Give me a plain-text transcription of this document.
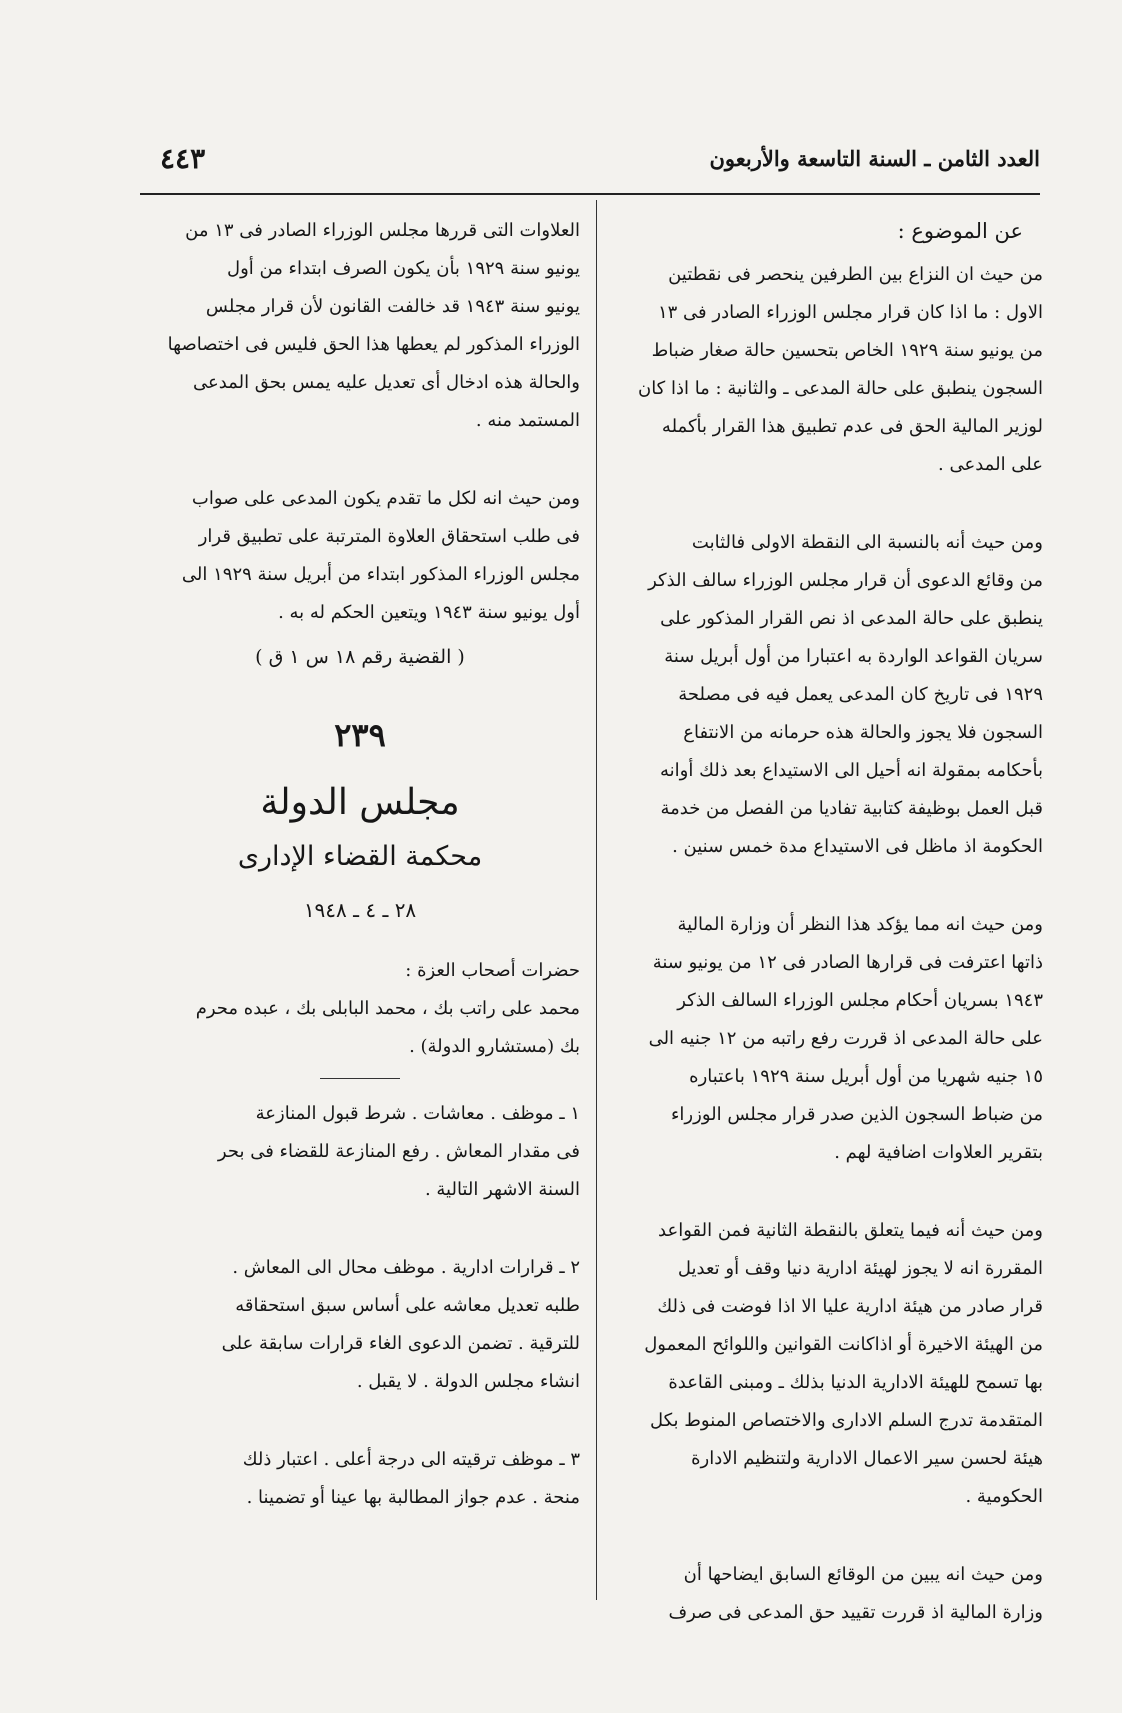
العدد الثامن ـ السنة التاسعة والأربعون
٤٤٣
عن الموضوع :

من حيث ان النزاع بين الطرفين ينحصر فى نقطتين

الاول : ما اذا كان قرار مجلس الوزراء الصادر فى ١٣

من يونيو سنة ١٩٢٩ الخاص بتحسين حالة صغار ضباط

السجون ينطبق على حالة المدعى ـ والثانية : ما اذا كان

لوزير المالية الحق فى عدم تطبيق هذا القرار بأكمله

على المدعى .

ومن حيث أنه بالنسبة الى النقطة الاولى فالثابت

من وقائع الدعوى أن قرار مجلس الوزراء سالف الذكر

ينطبق على حالة المدعى اذ نص القرار المذكور على

سريان القواعد الواردة به اعتبارا من أول أبريل سنة

١٩٢٩ فى تاريخ كان المدعى يعمل فيه فى مصلحة

السجون فلا يجوز والحالة هذه حرمانه من الانتفاع

بأحكامه بمقولة انه أحيل الى الاستيداع بعد ذلك أوانه

قبل العمل بوظيفة كتابية تفاديا من الفصل من خدمة

الحكومة اذ ماظل فى الاستيداع مدة خمس سنين .

ومن حيث انه مما يؤكد هذا النظر أن وزارة المالية

ذاتها اعترفت فى قرارها الصادر فى ١٢ من يونيو سنة

١٩٤٣ بسريان أحكام مجلس الوزراء السالف الذكر

على حالة المدعى اذ قررت رفع راتبه من ١٢ جنيه الى

١٥ جنيه شهريا من أول أبريل سنة ١٩٢٩ باعتباره

من ضباط السجون الذين صدر قرار مجلس الوزراء

بتقرير العلاوات اضافية لهم .

ومن حيث أنه فيما يتعلق بالنقطة الثانية فمن القواعد

المقررة انه لا يجوز لهيئة ادارية دنيا وقف أو تعديل

قرار صادر من هيئة ادارية عليا الا اذا فوضت فى ذلك

من الهيئة الاخيرة أو اذاكانت القوانين واللوائح المعمول

بها تسمح للهيئة الادارية الدنيا بذلك ـ ومبنى القاعدة

المتقدمة تدرج السلم الادارى والاختصاص المنوط بكل

هيئة لحسن سير الاعمال الادارية ولتنظيم الادارة

الحكومية .

ومن حيث انه يبين من الوقائع السابق ايضاحها أن

وزارة المالية اذ قررت تقييد حق المدعى فى صرف

العلاوات التى قررها مجلس الوزراء الصادر فى ١٣ من

يونيو سنة ١٩٢٩ بأن يكون الصرف ابتداء من أول

يونيو سنة ١٩٤٣ قد خالفت القانون لأن قرار مجلس

الوزراء المذكور لم يعطها هذا الحق فليس فى اختصاصها

والحالة هذه ادخال أى تعديل عليه يمس بحق المدعى

المستمد منه .

ومن حيث انه لكل ما تقدم يكون المدعى على صواب

فى طلب استحقاق العلاوة المترتبة على تطبيق قرار

مجلس الوزراء المذكور ابتداء من أبريل سنة ١٩٢٩ الى

أول يونيو سنة ١٩٤٣ ويتعين الحكم له به .

( القضية رقم ١٨ س ١ ق )
٢٣٩
مجلس الدولة
محكمة القضاء الإدارى
٢٨ ـ ٤ ـ ١٩٤٨

حضرات أصحاب العزة :

محمد على راتب بك ، محمد البابلى بك ، عبده محرم

بك (مستشارو الدولة) .

١ ـ موظف . معاشات . شرط قبول المنازعة

فى مقدار المعاش . رفع المنازعة للقضاء فى بحر

السنة الاشهر التالية .

٢ ـ قرارات ادارية . موظف محال الى المعاش .

طلبه تعديل معاشه على أساس سبق استحقاقه

للترقية . تضمن الدعوى الغاء قرارات سابقة على

انشاء مجلس الدولة . لا يقبل .

٣ ـ موظف ترقيته الى درجة أعلى . اعتبار ذلك

منحة . عدم جواز المطالبة بها عينا أو تضمينا .
